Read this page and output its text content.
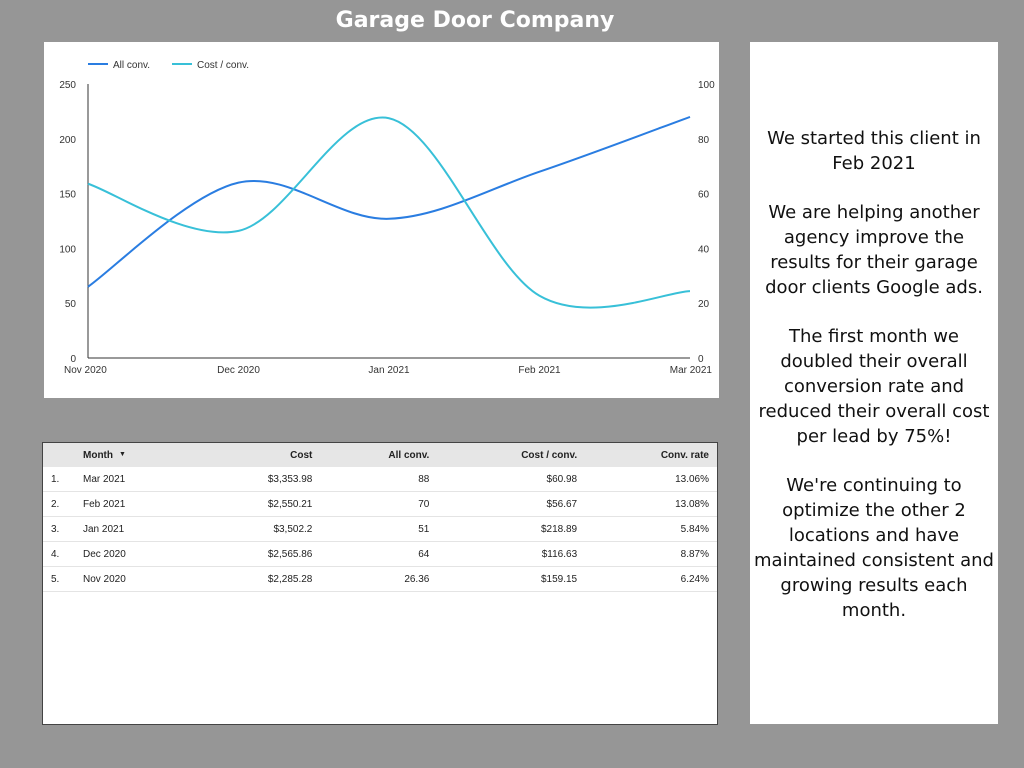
Garage Door Company
0
50
100
150
200
250
0
20
40
60
80
100
Nov 2020	Dec 2020	Jan 2021	Feb 2021	Mar 2021
All conv.	Cost / conv.
	Month ▼	Cost	All conv.	Cost / conv.	Conv. rate
1.	Mar 2021	$3,353.98	88	$60.98	13.06%
2.	Feb 2021	$2,550.21	70	$56.67	13.08%
3.	Jan 2021	$3,502.2	51	$218.89	5.84%
4.	Dec 2020	$2,565.86	64	$116.63	8.87%
5.	Nov 2020	$2,285.28	26.36	$159.15	6.24%

We started this client in Feb 2021

We are helping another agency improve the results for their garage door clients Google ads.

The first month we doubled their overall conversion rate and reduced their overall cost per lead by 75%!

We're continuing to optimize the other 2 locations and have maintained consistent and growing results each month.
